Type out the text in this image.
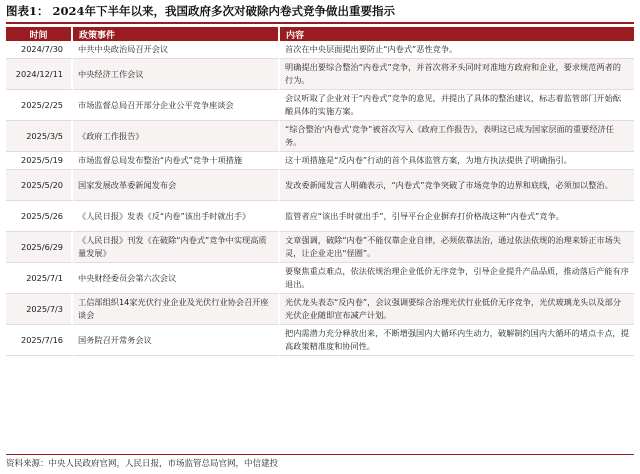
图表1： 2024年下半年以来，我国政府多次对破除内卷式竞争做出重要指示
时间	政策事件	内容
2024/7/30	中共中央政治局召开会议	首次在中央层面提出要防止“内卷式”恶性竞争。
2024/12/11	中央经济工作会议	明确提出要综合整治“内卷式”竞争，并首次将矛头同时对准地方政府和企业，要求规范两者的行为。
2025/2/25	市场监督总局召开部分企业公平竞争座谈会	会议听取了企业对于“内卷式”竞争的意见，并提出了具体的整治建议，标志着监管部门开始酝酿具体的实施方案。
2025/3/5	《政府工作报告》	“综合整治‘内卷式’竞争”被首次写入《政府工作报告》，表明这已成为国家层面的重要经济任务。
2025/5/19	市场监督总局发布整治“内卷式”竞争十项措施	这十项措施是“反内卷”行动的首个具体监管方案，为地方执法提供了明确指引。
2025/5/20	国家发展改革委新闻发布会	发改委新闻发言人明确表示，“内卷式”竞争突破了市场竞争的边界和底线，必须加以整治。
2025/5/26	《人民日报》发表《反“内卷”该出手时就出手》	监管者应“该出手时就出手”，引导平台企业摒弃打价格战这种“内卷式”竞争。
2025/6/29	《人民日报》刊发《在破除“内卷式”竞争中实现高质量发展》	文章强调，破除“内卷”不能仅靠企业自律，必须依靠法治，通过依法依规的治理来矫正市场失灵，让企业走出“怪圈”。
2025/7/1	中央财经委员会第六次会议	要聚焦重点难点，依法依规治理企业低价无序竞争，引导企业提升产品品质，推动落后产能有序退出。
2025/7/3	工信部组织14家光伏行业企业及光伏行业协会召开座谈会	光伏龙头表态“反内卷”，会议强调要综合治理光伏行业低价无序竞争，光伏玻璃龙头以及部分光伏企业随即宣布减产计划。
2025/7/16	国务院召开常务会议	把内需潜力充分释放出来，不断增强国内大循环内生动力，破解制约国内大循环的堵点卡点，提高政策精准度和协同性。
资料来源：中央人民政府官网，人民日报，市场监管总局官网，中信建投
